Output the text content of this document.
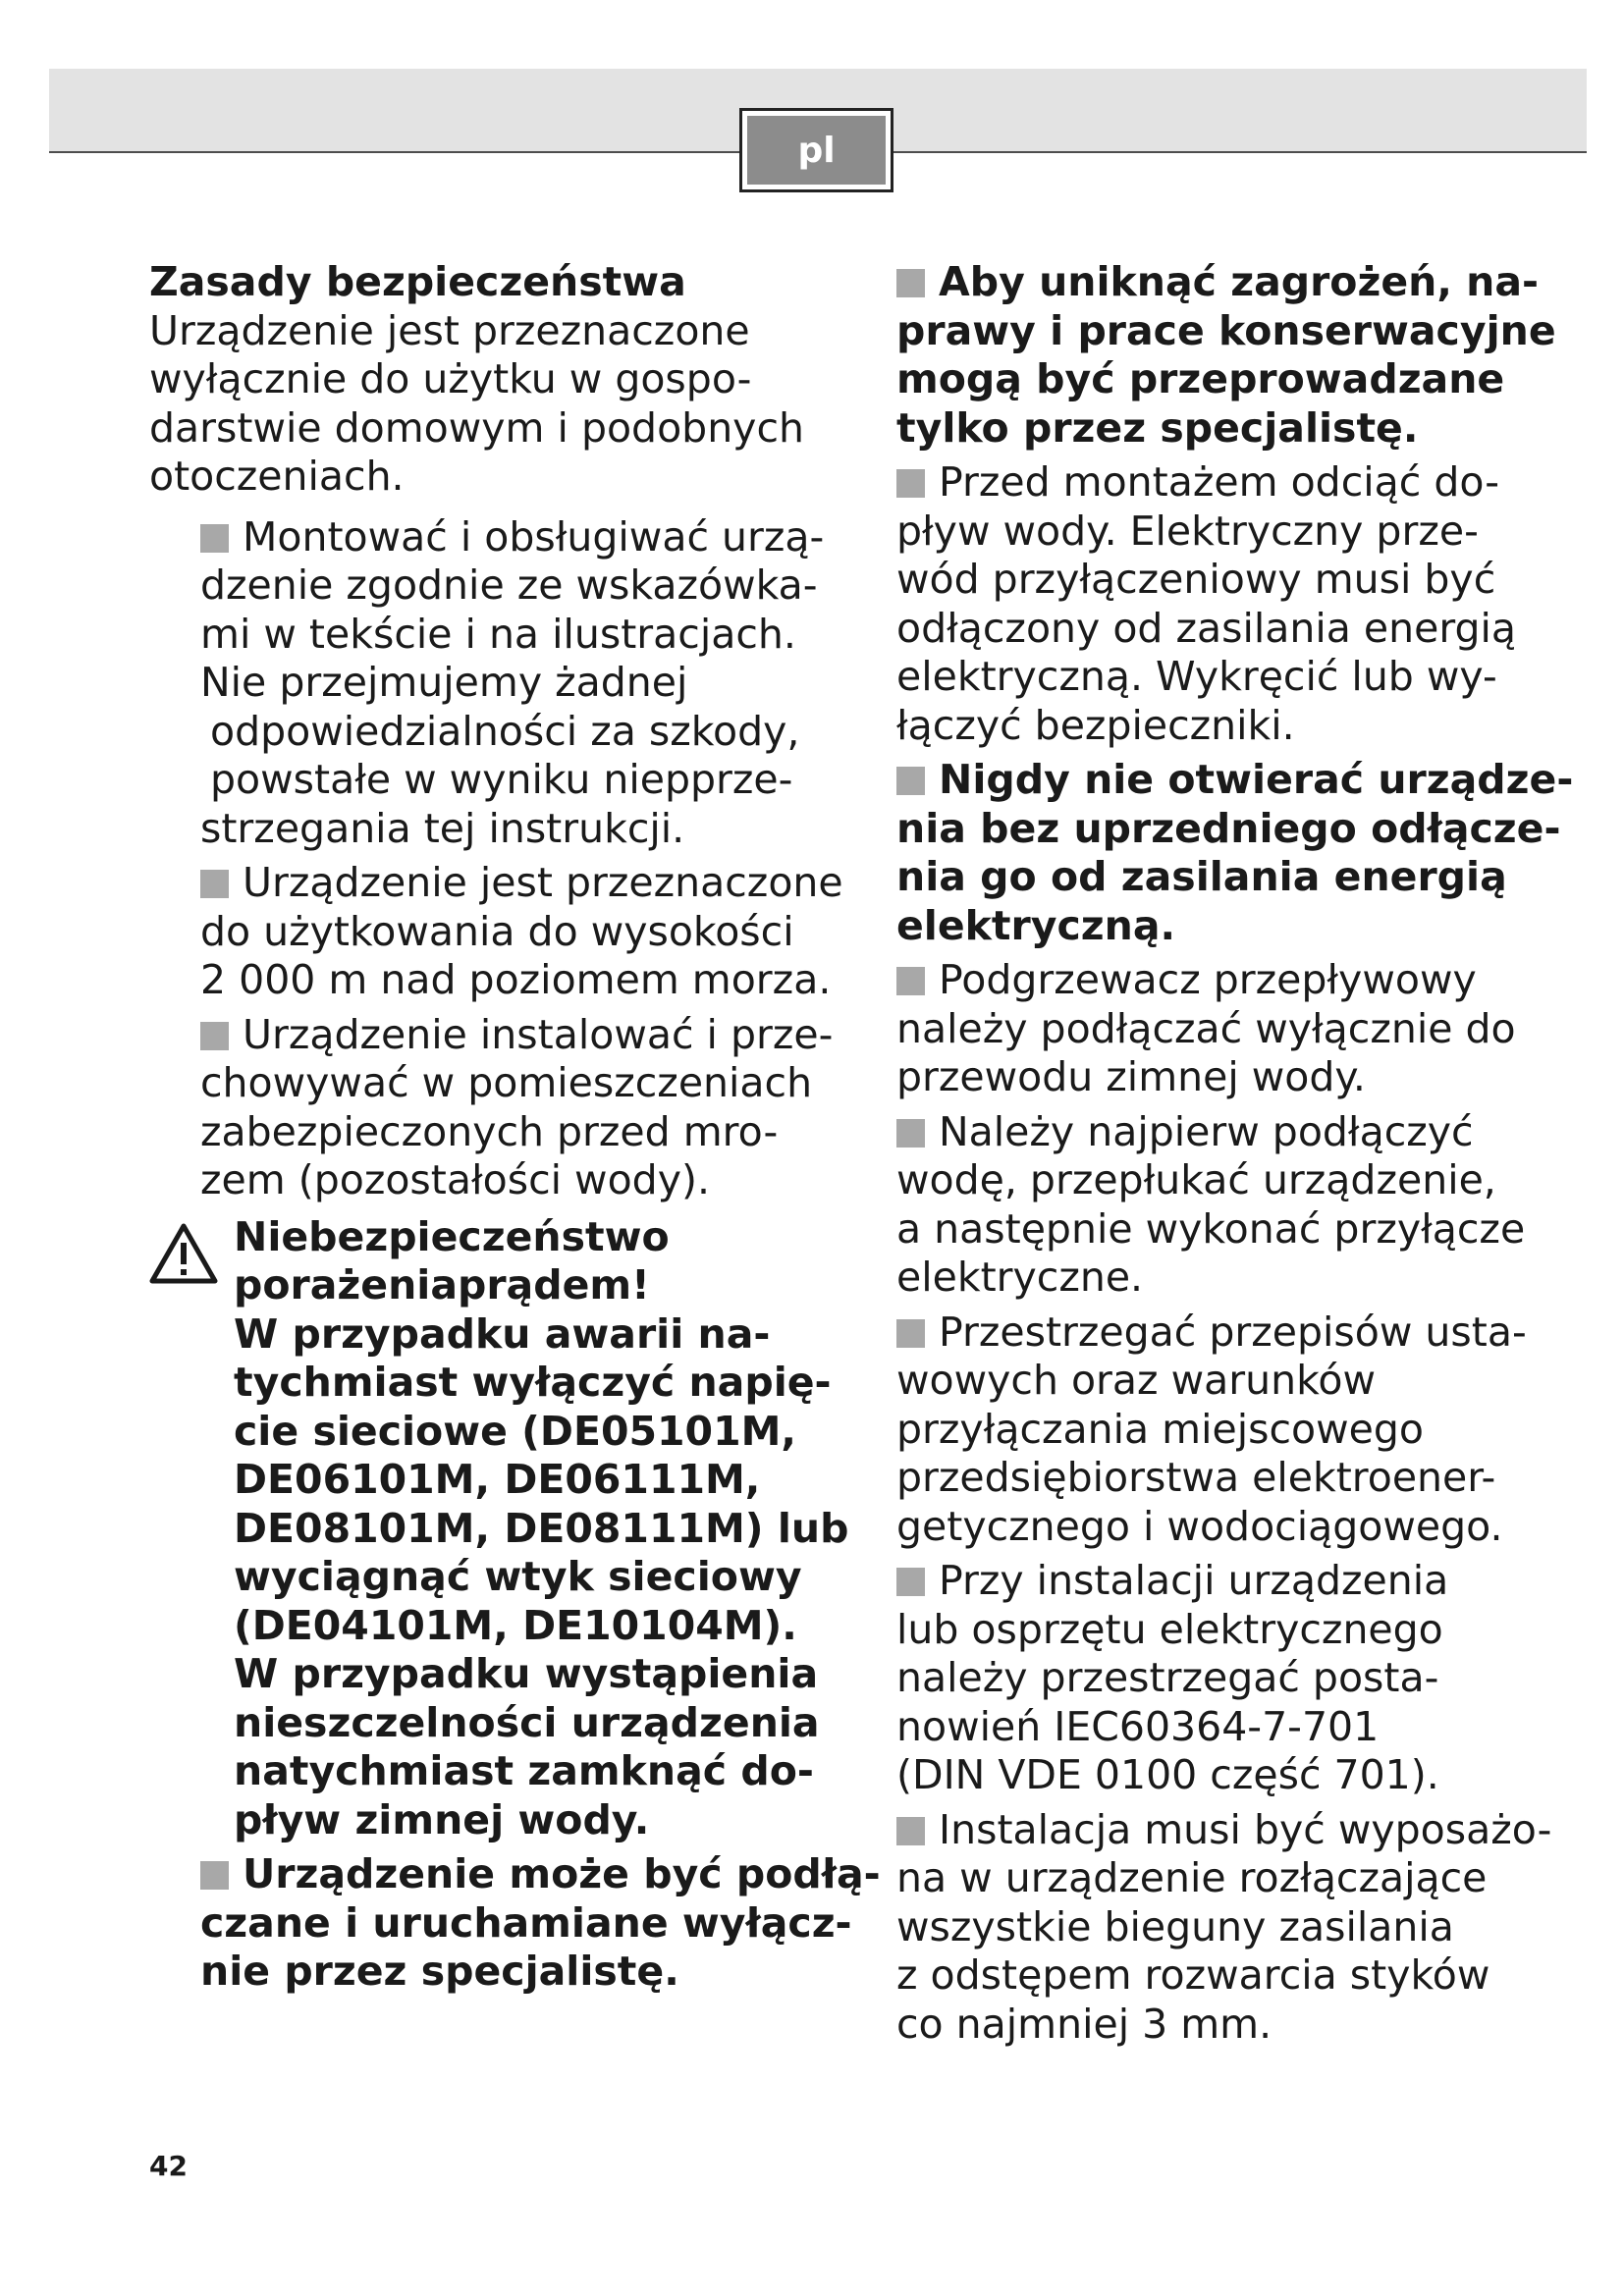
pl
Zasady bezpieczeństwa
Urządzenie jest przeznaczone
wyłącznie do użytku w gospo-
darstwie domowym i podobnych
otoczeniach.
Montować i obsługiwać urzą-
dzenie zgodnie ze wskazówka-
mi w tekście i na ilustracjach.
Nie przejmujemy żadnej
odpowiedzialności za szkody,
powstałe w wyniku niepprze-
strzegania tej instrukcji.
Urządzenie jest przeznaczone
do użytkowania do wysokości
2 000 m nad poziomem morza.
Urządzenie instalować i prze-
chowywać w pomieszczeniach
zabezpieczonych przed mro-
zem (pozostałości wody).
Niebezpieczeństwo
porażeniaprądem!
W przypadku awarii na-
tychmiast wyłączyć napię-
cie sieciowe (DE05101M,
DE06101M, DE06111M,
DE08101M, DE08111M) lub
wyciągnąć wtyk sieciowy
(DE04101M, DE10104M).
W przypadku wystąpienia
nieszczelności urządzenia
natychmiast zamknąć do-
pływ zimnej wody.
Urządzenie może być podłą-
czane i uruchamiane wyłącz-
nie przez specjalistę.
Aby uniknąć zagrożeń, na-
prawy i prace konserwacyjne
mogą być przeprowadzane
tylko przez specjalistę.
Przed montażem odciąć do-
pływ wody. Elektryczny prze-
wód przyłączeniowy musi być
odłączony od zasilania energią
elektryczną. Wykręcić lub wy-
łączyć bezpieczniki.
Nigdy nie otwierać urządze-
nia bez uprzedniego odłącze-
nia go od zasilania energią
elektryczną.
Podgrzewacz przepływowy
należy podłączać wyłącznie do
przewodu zimnej wody.
Należy najpierw podłączyć
wodę, przepłukać urządzenie,
a następnie wykonać przyłącze
elektryczne.
Przestrzegać przepisów usta-
wowych oraz warunków
przyłączania miejscowego
przedsiębiorstwa elektroener-
getycznego i wodociągowego.
Przy instalacji urządzenia
lub osprzętu elektrycznego
należy przestrzegać posta-
nowień IEC60364-7-701
(DIN VDE 0100 część 701).
Instalacja musi być wyposażo-
na w urządzenie rozłączające
wszystkie bieguny zasilania
z odstępem rozwarcia styków
co najmniej 3 mm.
42
